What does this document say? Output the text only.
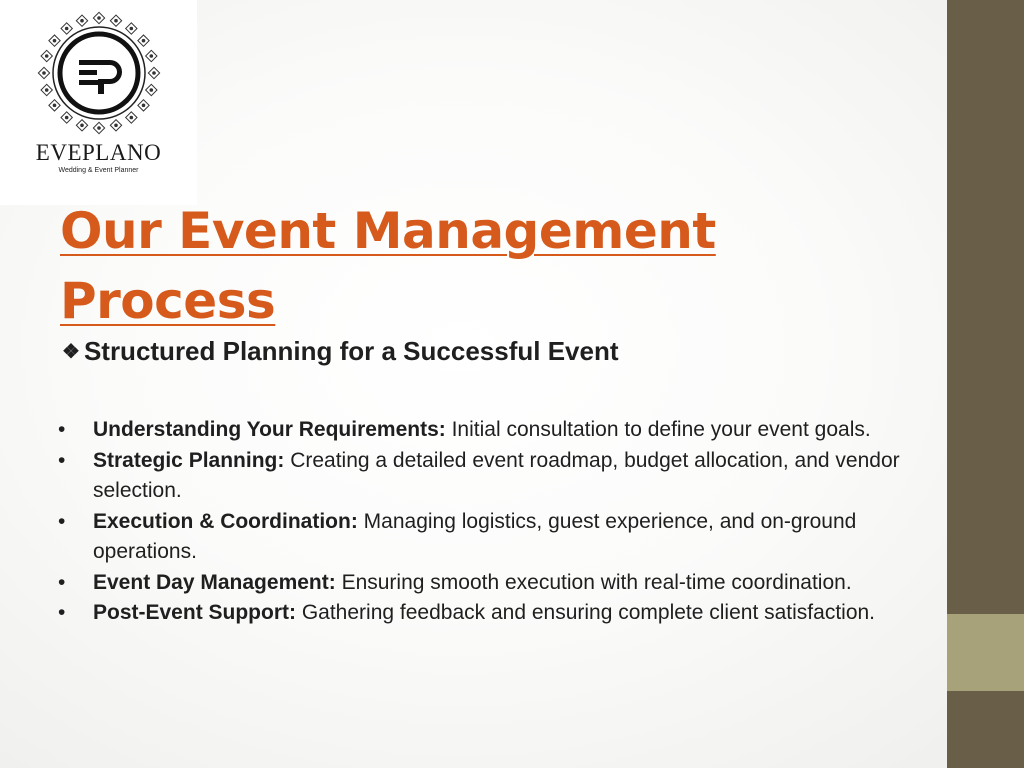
EVEPLANO
Wedding & Event Planner
Our Event Management Process
❖ Structured Planning for a Successful Event
• Understanding Your Requirements: Initial consultation to define your event goals.
• Strategic Planning: Creating a detailed event roadmap, budget allocation, and vendor selection.
• Execution & Coordination: Managing logistics, guest experience, and on-ground operations.
• Event Day Management: Ensuring smooth execution with real-time coordination.
• Post-Event Support: Gathering feedback and ensuring complete client satisfaction.
